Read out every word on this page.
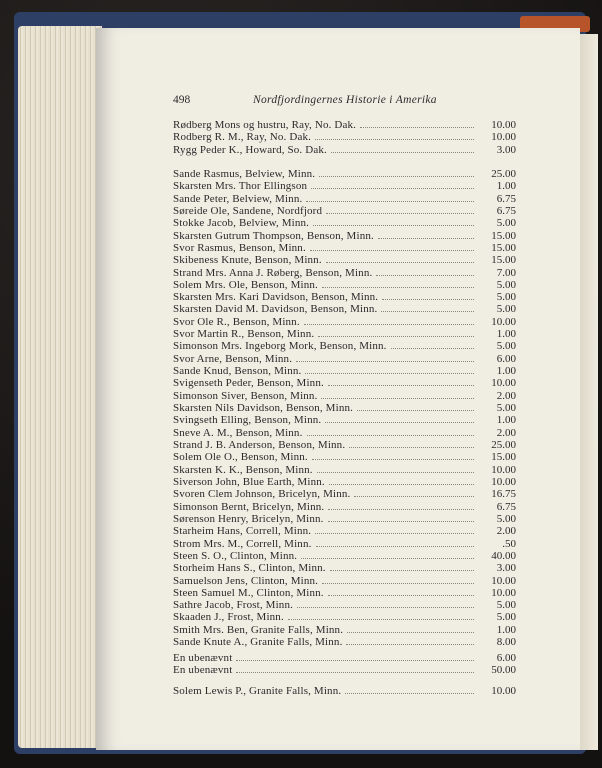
498	Nordfjordingernes Historie i Amerika
Rødberg Mons og hustru, Ray, No. Dak.	10.00
Rodberg R. M., Ray, No. Dak.	10.00
Rygg Peder K., Howard, So. Dak.	3.00
Sande Rasmus, Belview, Minn.	25.00
Skarsten Mrs. Thor Ellingson	1.00
Sande Peter, Belview, Minn.	6.75
Søreide Ole, Sandene, Nordfjord	6.75
Stokke Jacob, Belview, Minn.	5.00
Skarsten Gutrum Thompson, Benson, Minn.	15.00
Svor Rasmus, Benson, Minn.	15.00
Skibeness Knute, Benson, Minn.	15.00
Strand Mrs. Anna J. Røberg, Benson, Minn.	7.00
Solem Mrs. Ole, Benson, Minn.	5.00
Skarsten Mrs. Kari Davidson, Benson, Minn.	5.00
Skarsten David M. Davidson, Benson, Minn.	5.00
Svor Ole R., Benson, Minn.	10.00
Svor Martin R., Benson, Minn.	1.00
Simonson Mrs. Ingeborg Mork, Benson, Minn.	5.00
Svor Arne, Benson, Minn.	6.00
Sande Knud, Benson, Minn.	1.00
Svigenseth Peder, Benson, Minn.	10.00
Simonson Siver, Benson, Minn.	2.00
Skarsten Nils Davidson, Benson, Minn.	5.00
Svingseth Elling, Benson, Minn.	1.00
Sneve A. M., Benson, Minn.	2.00
Strand J. B. Anderson, Benson, Minn.	25.00
Solem Ole O., Benson, Minn.	15.00
Skarsten K. K., Benson, Minn.	10.00
Siverson John, Blue Earth, Minn.	10.00
Svoren Clem Johnson, Bricelyn, Minn.	16.75
Simonson Bernt, Bricelyn, Minn.	6.75
Sørenson Henry, Bricelyn, Minn.	5.00
Starheim Hans, Correll, Minn.	2.00
Strom Mrs. M., Correll, Minn.	.50
Steen S. O., Clinton, Minn.	40.00
Storheim Hans S., Clinton, Minn.	3.00
Samuelson Jens, Clinton, Minn.	10.00
Steen Samuel M., Clinton, Minn.	10.00
Sathre Jacob, Frost, Minn.	5.00
Skaaden J., Frost, Minn.	5.00
Smith Mrs. Ben, Granite Falls, Minn.	1.00
Sande Knute A., Granite Falls, Minn.	8.00
En ubenævnt	6.00
En ubenævnt	50.00
Solem Lewis P., Granite Falls, Minn.	10.00
